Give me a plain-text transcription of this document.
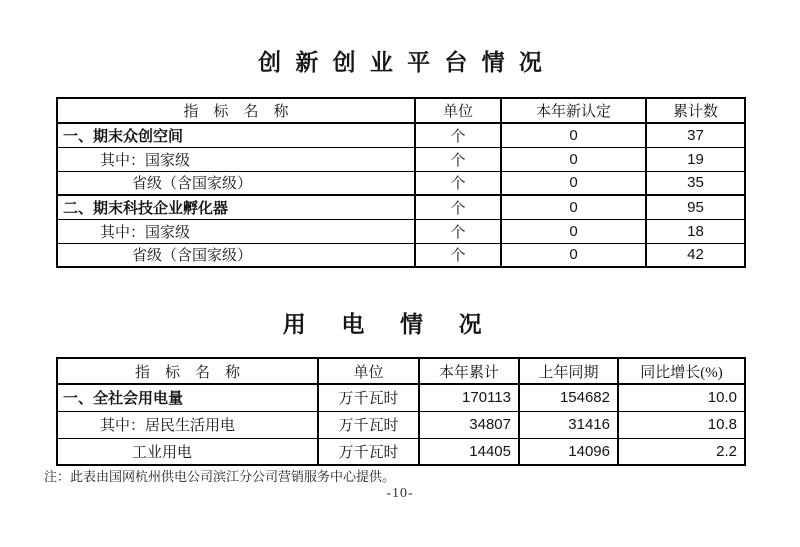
创新创业平台情况
指　标　名　称	单位	本年新认定	累计数
一、期末众创空间	个	0	37
其中：国家级	个	0	19
省级（含国家级）	个	0	35
二、期末科技企业孵化器	个	0	95
其中：国家级	个	0	18
省级（含国家级）	个	0	42
用电情况
指　标　名　称	单位	本年累计	上年同期	同比增长(%)
一、全社会用电量	万千瓦时	170113	154682	10.0
其中：居民生活用电	万千瓦时	34807	31416	10.8
工业用电	万千瓦时	14405	14096	2.2
注：此表由国网杭州供电公司滨江分公司营销服务中心提供。
-10-
